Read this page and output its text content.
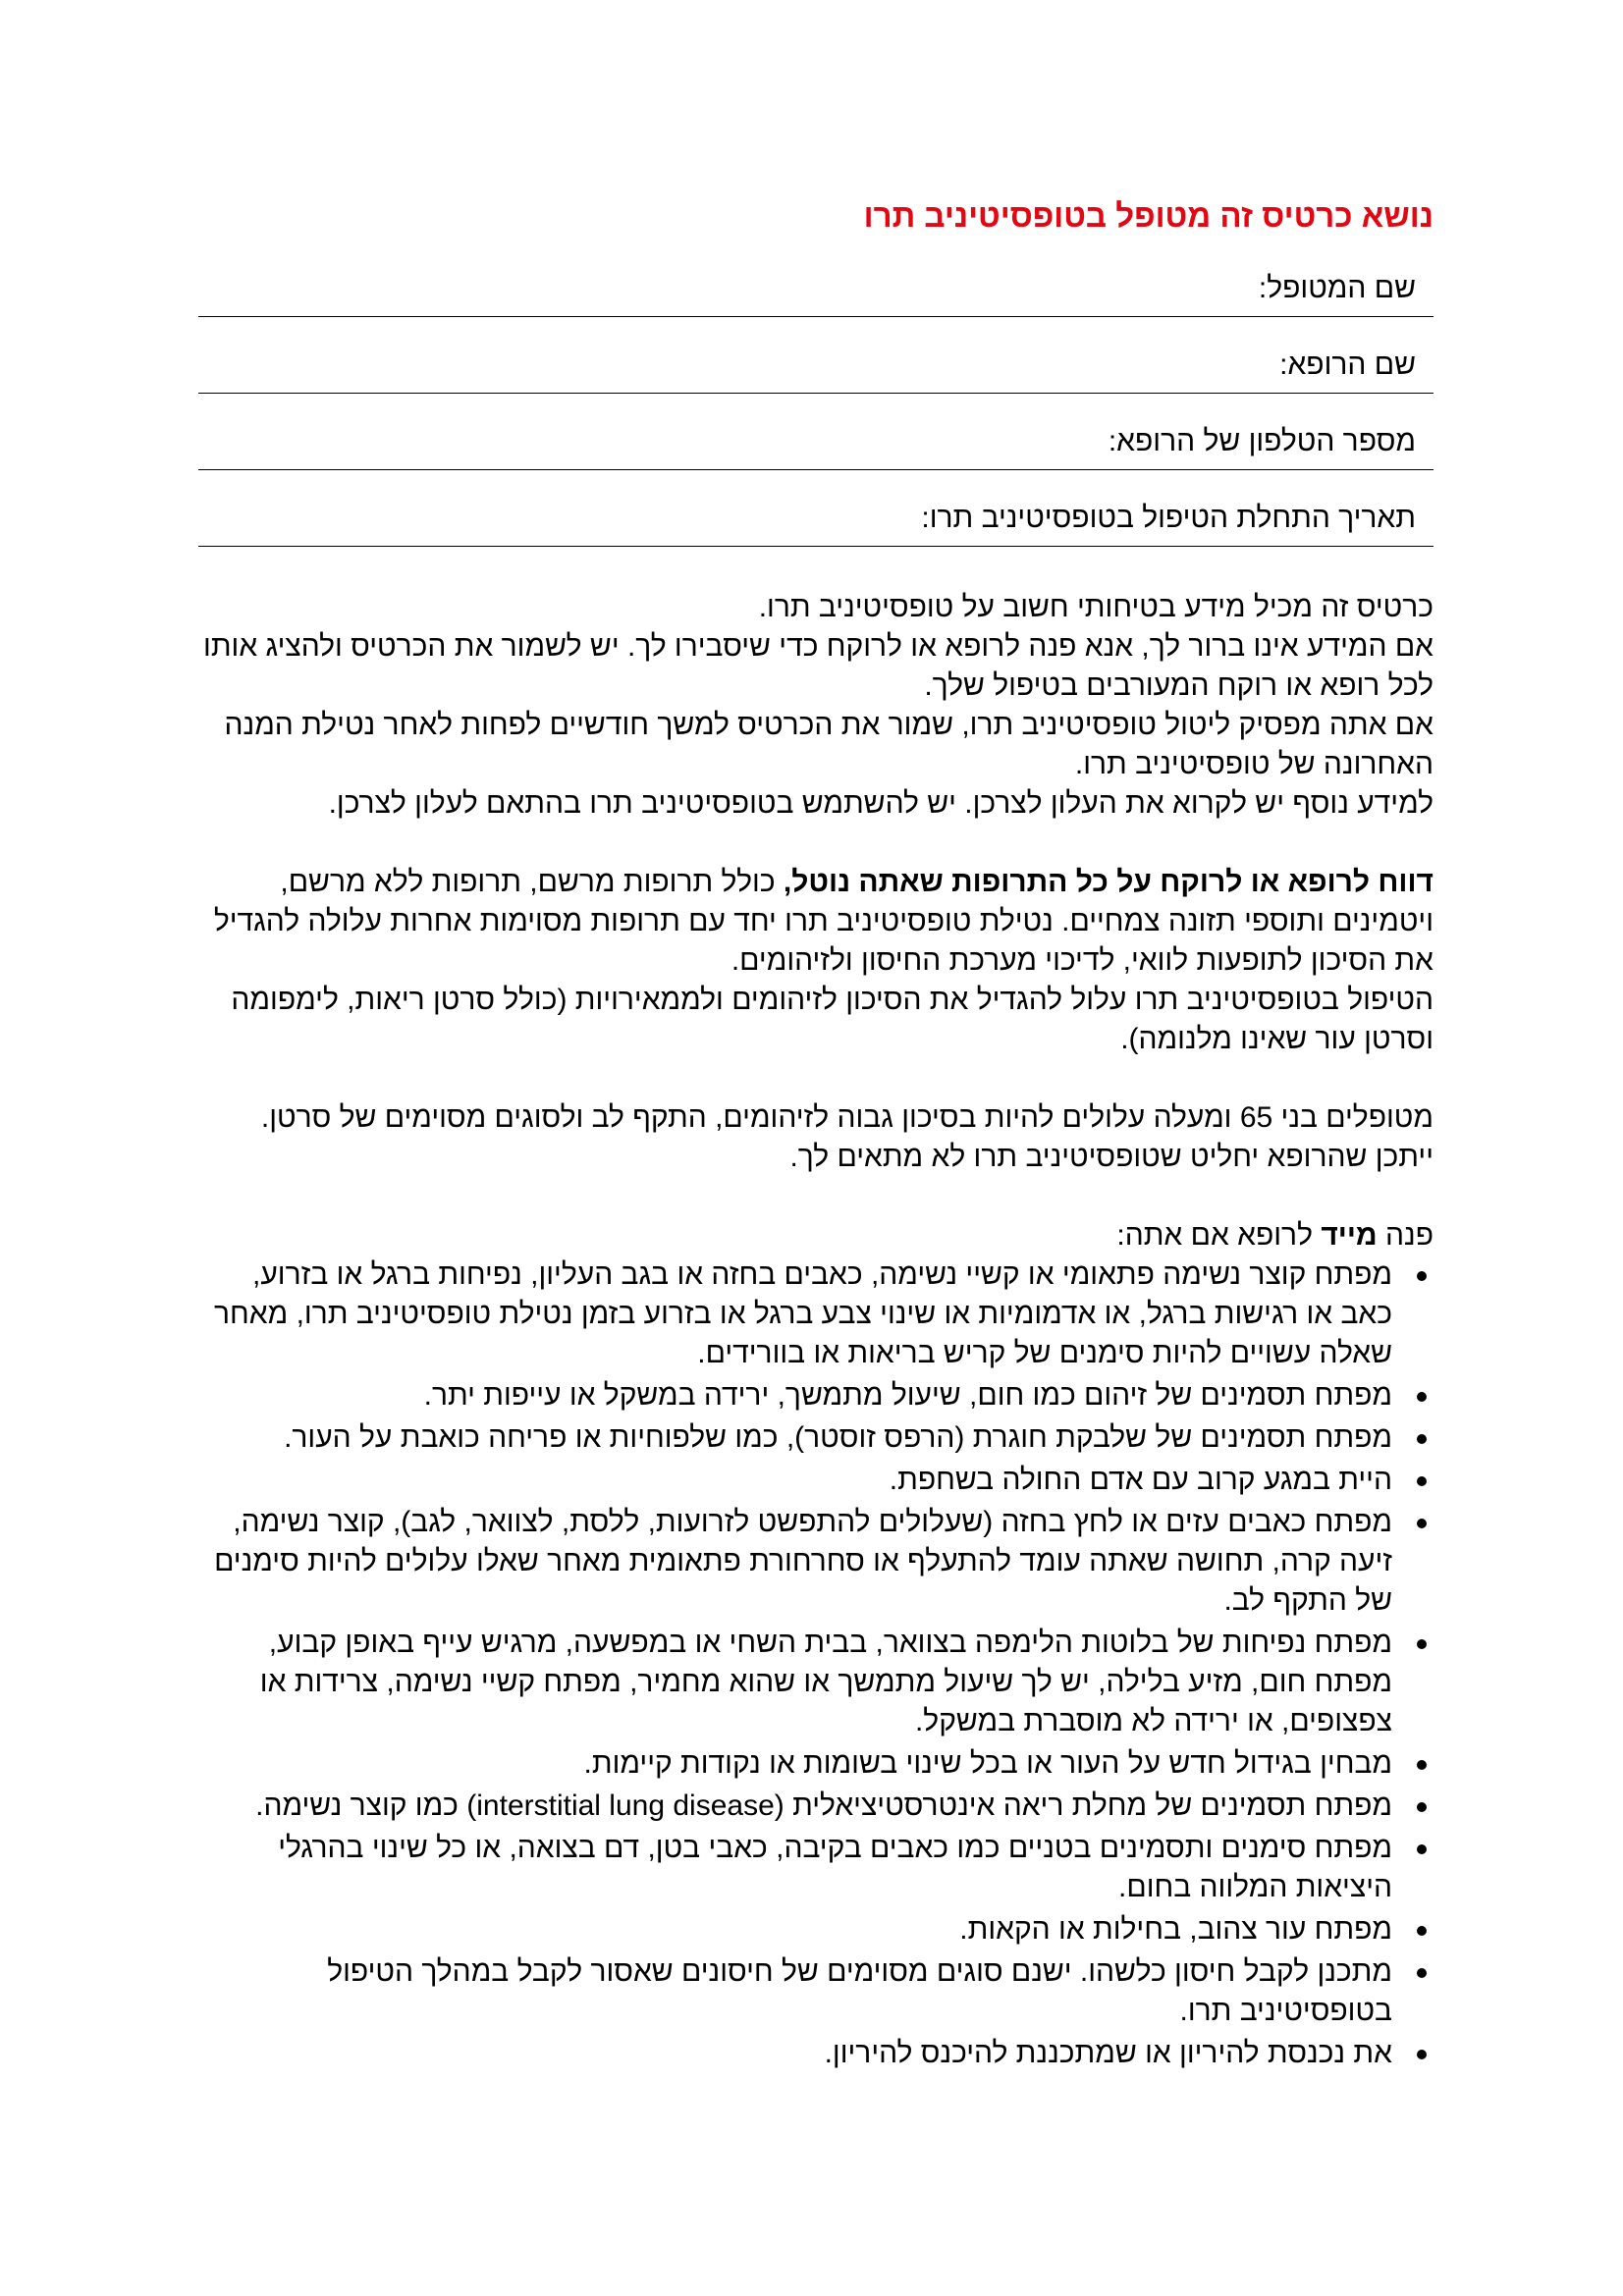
נושא כרטיס זה מטופל בטופסיטיניב תרו
שם המטופל:
שם הרופא:
מספר הטלפון של הרופא:
תאריך התחלת הטיפול בטופסיטיניב תרו:

כרטיס זה מכיל מידע בטיחותי חשוב על טופסיטיניב תרו.

אם המידע אינו ברור לך, אנא פנה לרופא או לרוקח כדי שיסבירו לך. יש לשמור את הכרטיס ולהציג אותו לכל רופא או רוקח המעורבים בטיפול שלך.

אם אתה מפסיק ליטול טופסיטיניב תרו, שמור את הכרטיס למשך חודשיים לפחות לאחר נטילת המנה האחרונה של טופסיטיניב תרו.

למידע נוסף יש לקרוא את העלון לצרכן. יש להשתמש בטופסיטיניב תרו בהתאם לעלון לצרכן.

דווח לרופא או לרוקח על כל התרופות שאתה נוטל, כולל תרופות מרשם, תרופות ללא מרשם, ויטמינים ותוספי תזונה צמחיים. נטילת טופסיטיניב תרו יחד עם תרופות מסוימות אחרות עלולה להגדיל את הסיכון לתופעות לוואי, לדיכוי מערכת החיסון ולזיהומים.

הטיפול בטופסיטיניב תרו עלול להגדיל את הסיכון לזיהומים ולממאירויות (כולל סרטן ריאות, לימפומה וסרטן עור שאינו מלנומה).

מטופלים בני 65 ומעלה עלולים להיות בסיכון גבוה לזיהומים, התקף לב ולסוגים מסוימים של סרטן. ייתכן שהרופא יחליט שטופסיטיניב תרו לא מתאים לך.

פנה מייד לרופא אם אתה:

מפתח קוצר נשימה פתאומי או קשיי נשימה, כאבים בחזה או בגב העליון, נפיחות ברגל או בזרוע, כאב או רגישות ברגל, או אדמומיות או שינוי צבע ברגל או בזרוע בזמן נטילת טופסיטיניב תרו, מאחר שאלה עשויים להיות סימנים של קריש בריאות או בוורידים.
מפתח תסמינים של זיהום כמו חום, שיעול מתמשך, ירידה במשקל או עייפות יתר.
מפתח תסמינים של שלבקת חוגרת (הרפס זוסטר), כמו שלפוחיות או פריחה כואבת על העור.
היית במגע קרוב עם אדם החולה בשחפת.
מפתח כאבים עזים או לחץ בחזה (שעלולים להתפשט לזרועות, ללסת, לצוואר, לגב), קוצר נשימה, זיעה קרה, תחושה שאתה עומד להתעלף או סחרחורת פתאומית מאחר שאלו עלולים להיות סימנים של התקף לב.
מפתח נפיחות של בלוטות הלימפה בצוואר, בבית השחי או במפשעה, מרגיש עייף באופן קבוע, מפתח חום, מזיע בלילה, יש לך שיעול מתמשך או שהוא מחמיר, מפתח קשיי נשימה, צרידות או צפצופים, או ירידה לא מוסברת במשקל.
מבחין בגידול חדש על העור או בכל שינוי בשומות או נקודות קיימות.
מפתח תסמינים של מחלת ריאה אינטרסטיציאלית (interstitial lung disease) כמו קוצר נשימה.
מפתח סימנים ותסמינים בטניים כמו כאבים בקיבה, כאבי בטן, דם בצואה, או כל שינוי בהרגלי היציאות המלווה בחום.
מפתח עור צהוב, בחילות או הקאות.
מתכנן לקבל חיסון כלשהו. ישנם סוגים מסוימים של חיסונים שאסור לקבל במהלך הטיפול בטופסיטיניב תרו.
את נכנסת להיריון או שמתכננת להיכנס להיריון.
